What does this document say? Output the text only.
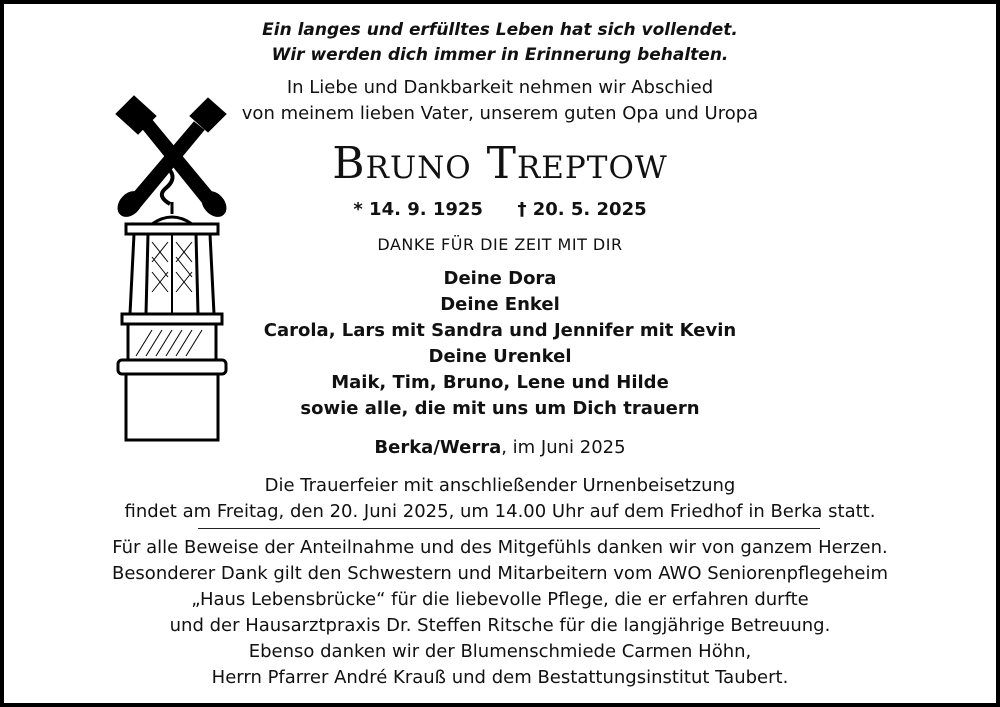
Ein langes und erfülltes Leben hat sich vollendet.
Wir werden dich immer in Erinnerung behalten.
In Liebe und Dankbarkeit nehmen wir Abschied
von meinem lieben Vater, unserem guten Opa und Uropa
Bruno Treptow
* 14. 9. 1925 † 20. 5. 2025
DANKE FÜR DIE ZEIT MIT DIR
Deine Dora
Deine Enkel
Carola, Lars mit Sandra und Jennifer mit Kevin
Deine Urenkel
Maik, Tim, Bruno, Lene und Hilde
sowie alle, die mit uns um Dich trauern
Berka/Werra, im Juni 2025
Die Trauerfeier mit anschließender Urnenbeisetzung
findet am Freitag, den 20. Juni 2025, um 14.00 Uhr auf dem Friedhof in Berka statt.
Für alle Beweise der Anteilnahme und des Mitgefühls danken wir von ganzem Herzen.
Besonderer Dank gilt den Schwestern und Mitarbeitern vom AWO Seniorenpflegeheim
„Haus Lebensbrücke“ für die liebevolle Pflege, die er erfahren durfte
und der Hausarztpraxis Dr. Steffen Ritsche für die langjährige Betreuung.
Ebenso danken wir der Blumenschmiede Carmen Höhn,
Herrn Pfarrer André Krauß und dem Bestattungsinstitut Taubert.
